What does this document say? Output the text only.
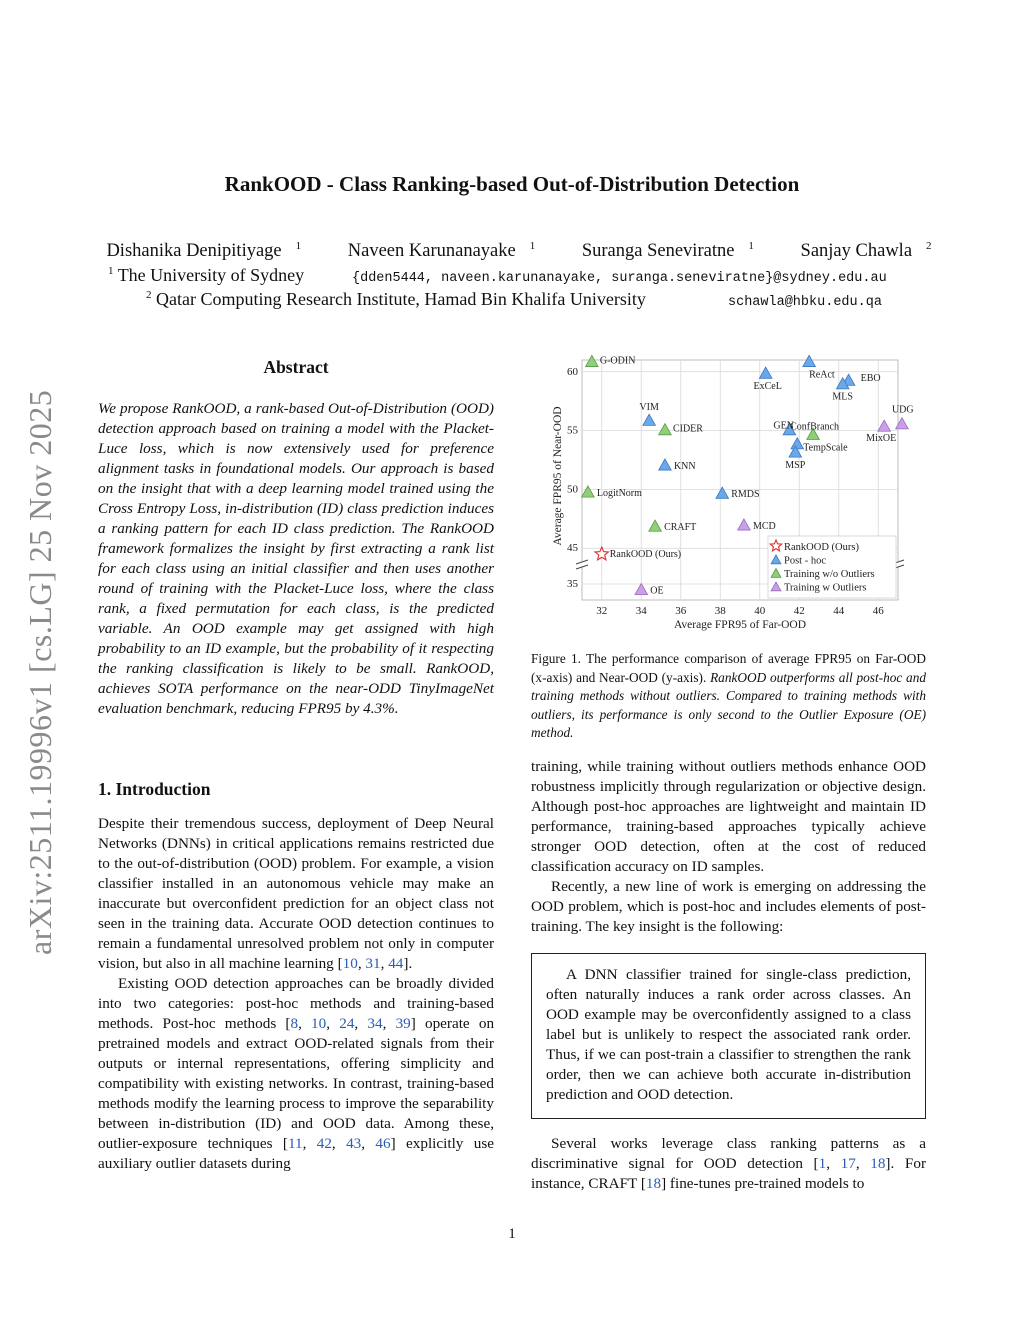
arXiv:2511.19996v1 [cs.LG] 25 Nov 2025
RankOOD - Class Ranking-based Out-of-Distribution Detection
Dishanika Denipitiyage $^1$	Naveen Karunanayake $^1$	Suranga Seneviratne $^1$	Sanjay Chawla $^2$
$^1$ The University of Sydney	{dden5444, naveen.karunanayake, suranga.seneviratne}@sydney.edu.au
$^2$ Qatar Computing Research Institute, Hamad Bin Khalifa University	schawla@hbku.edu.qa
Abstract

We propose RankOOD, a rank-based Out-of-Distribution (OOD) detection approach based on training a model with the Placket-Luce loss, which is now extensively used for preference alignment tasks in foundational models. Our approach is based on the insight that with a deep learning model trained using the Cross Entropy Loss, in-distribution (ID) class prediction induces a ranking pattern for each ID class prediction. The RankOOD framework formalizes the insight by first extracting a rank list for each class using an initial classifier and then uses another round of training with the Placket-Luce loss, where the class rank, a fixed permutation for each class, is the predicted variable. An OOD example may get assigned with high probability to an ID example, but the probability of it respecting the ranking classification is likely to be small. RankOOD, achieves SOTA performance on the near-ODD TinyImageNet evaluation benchmark, reducing FPR95 by 4.3%.

1. Introduction

Despite their tremendous success, deployment of Deep Neural Networks (DNNs) in critical applications remains restricted due to the out-of-distribution (OOD) problem. For example, a vision classifier installed in an autonomous vehicle may make an inaccurate but overconfident prediction for an object class not seen in the training data. Accurate OOD detection continues to remain a fundamental unresolved problem not only in computer vision, but also in all machine learning [10, 31, 44].

Existing OOD detection approaches can be broadly divided into two categories: post-hoc methods and training-based methods. Post-hoc methods [8, 10, 24, 34, 39] operate on pretrained models and extract OOD-related signals from their outputs or internal representations, offering simplicity and compatibility with existing networks. In contrast, training-based methods modify the learning process to improve the separability between in-distribution (ID) and OOD data. Among these, outlier-exposure techniques [11, 42, 43, 46] explicitly use auxiliary outlier datasets during

32	34	36	38	40	42	44	46
35
45
50
55
60
Average FPR95 of Far-OOD
Average FPR95 of Near-OOD
G-ODIN
ExCeL
ReAct	EBO
MLS
UDG
MixOE
VIM
CIDER	GEN
ConfBranch
TempScale
MSP
KNN
LogitNorm	RMDS
CRAFT	MCD
RankOOD (Ours)
OE
RankOOD (Ours)
Post - hoc
Training w/o Outliers
Training w Outliers
Figure 1. The performance comparison of average FPR95 on Far-OOD (x-axis) and Near-OOD (y-axis). RankOOD outperforms all post-hoc and training methods without outliers. Compared to training methods with outliers, its performance is only second to the Outlier Exposure (OE) method.

training, while training without outliers methods enhance OOD robustness implicitly through regularization or objective design. Although post-hoc approaches are lightweight and maintain ID performance, training-based approaches typically achieve stronger OOD detection, often at the cost of reduced classification accuracy on ID samples.

Recently, a new line of work is emerging on addressing the OOD problem, which is post-hoc and includes elements of post-training. The key insight is the following:

A DNN classifier trained for single-class prediction, often naturally induces a rank order across classes. An OOD example may be overconfidently assigned to a class label but is unlikely to respect the associated rank order. Thus, if we can post-train a classifier to strengthen the rank order, then we can achieve both accurate in-distribution prediction and OOD detection.

Several works leverage class ranking patterns as a discriminative signal for OOD detection [1, 17, 18]. For instance, CRAFT [18] fine-tunes pre-trained models to

1
